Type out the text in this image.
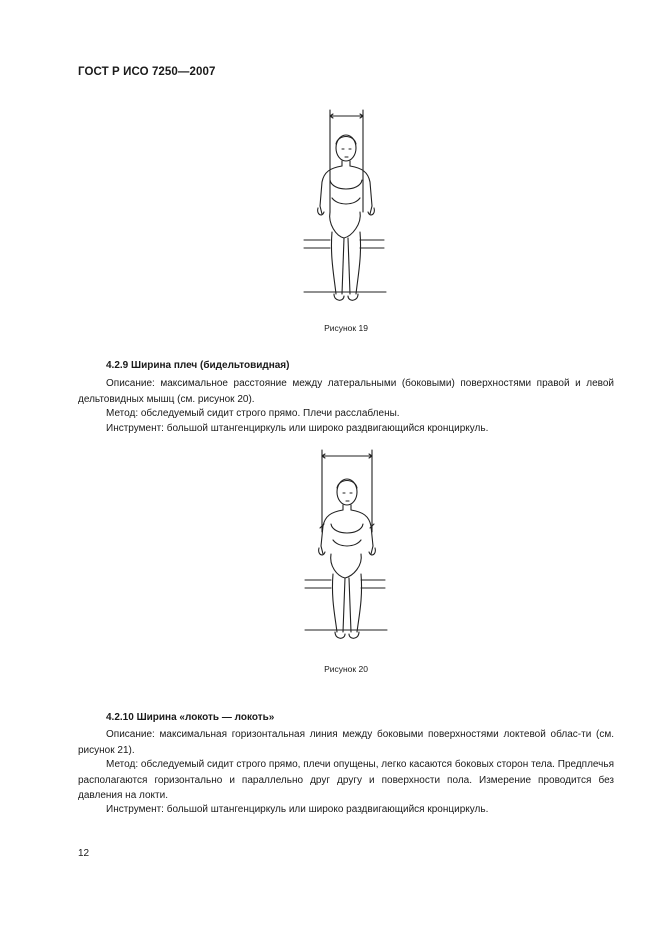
ГОСТ Р ИСО 7250—2007
Рисунок 19
4.2.9 Ширина плеч (бидельтовидная)
Описание: максимальное расстояние между латеральными (боковыми) поверхностями правой и левой дельтовидных мышц (см. рисунок 20).
Метод: обследуемый сидит строго прямо. Плечи расслаблены.
Инструмент: большой штангенциркуль или широко раздвигающийся кронциркуль.
Рисунок 20
4.2.10 Ширина «локоть — локоть»
Описание: максимальная горизонтальная линия между боковыми поверхностями локтевой облас-ти (см. рисунок 21).
Метод: обследуемый сидит строго прямо, плечи опущены, легко касаются боковых сторон тела. Предплечья располагаются горизонтально и параллельно друг другу и поверхности пола. Измерение проводится без давления на локти.
Инструмент: большой штангенциркуль или широко раздвигающийся кронциркуль.
12
